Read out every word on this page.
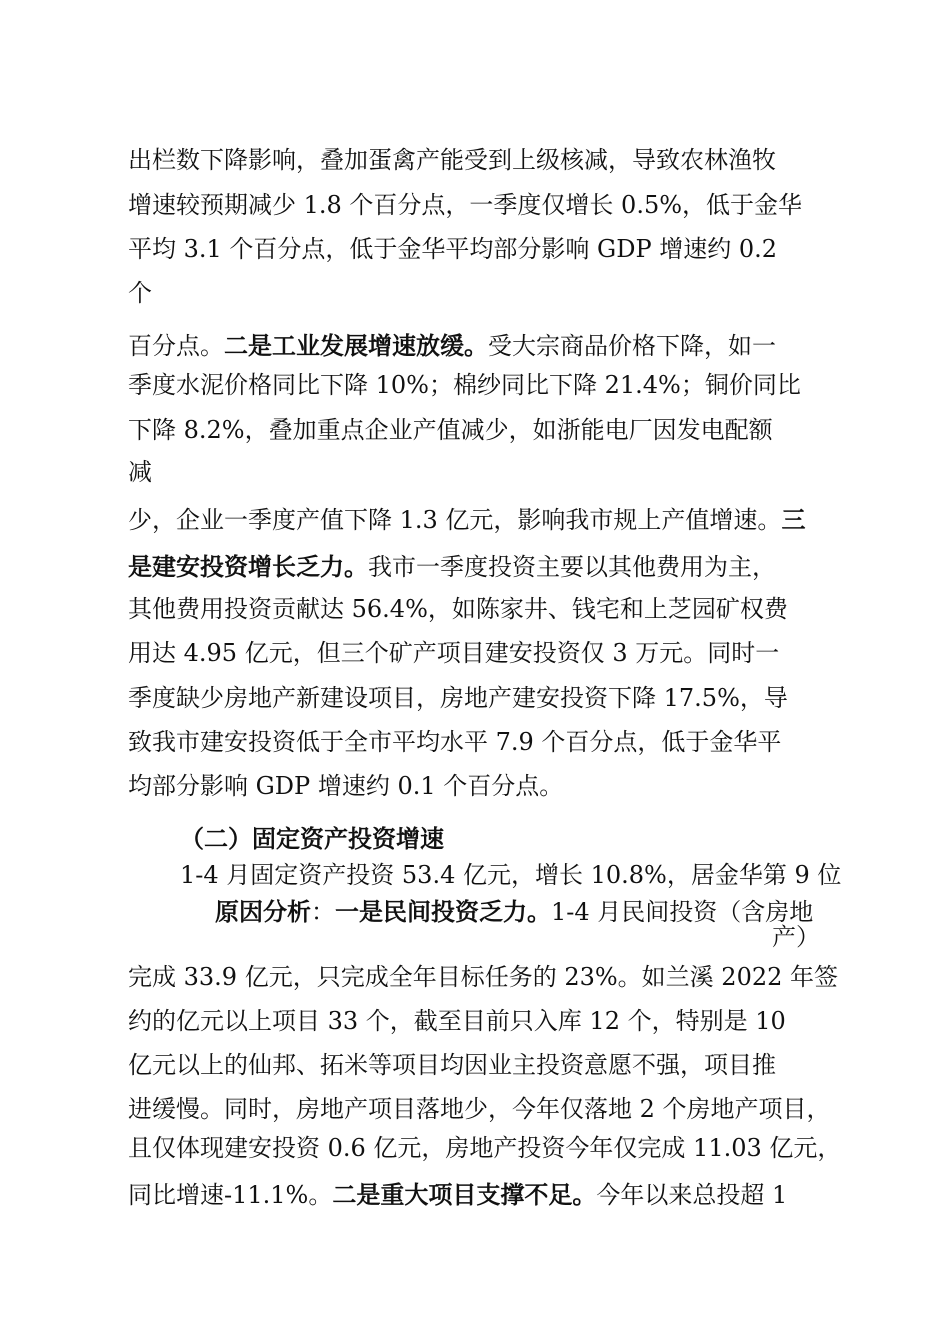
出栏数下降影响，叠加蛋禽产能受到上级核减，导致农林渔牧
增速较预期减少 1.8 个百分点，一季度仅增长 0.5%，低于金华
平均 3.1 个百分点，低于金华平均部分影响 GDP 增速约 0.2
个
百分点。二是工业发展增速放缓。受大宗商品价格下降，如一
季度水泥价格同比下降 10%；棉纱同比下降 21.4%；铜价同比
下降 8.2%，叠加重点企业产值减少，如浙能电厂因发电配额
减
少，企业一季度产值下降 1.3 亿元，影响我市规上产值增速。三
是建安投资增长乏力。我市一季度投资主要以其他费用为主，
其他费用投资贡献达 56.4%，如陈家井、钱宅和上芝园矿权费
用达 4.95 亿元，但三个矿产项目建安投资仅 3 万元。同时一
季度缺少房地产新建设项目，房地产建安投资下降 17.5%，导
致我市建安投资低于全市平均水平 7.9 个百分点，低于金华平
均部分影响 GDP 增速约 0.1 个百分点。
（二）固定资产投资增速
1-4 月固定资产投资 53.4 亿元，增长 10.8%，居金华第 9 位
原因分析：一是民间投资乏力。1-4 月民间投资（含房地
产）
完成 33.9 亿元，只完成全年目标任务的 23%。如兰溪 2022 年签
约的亿元以上项目 33 个，截至目前只入库 12 个，特别是 10
亿元以上的仙邦、拓米等项目均因业主投资意愿不强，项目推
进缓慢。同时，房地产项目落地少，今年仅落地 2 个房地产项目，
且仅体现建安投资 0.6 亿元，房地产投资今年仅完成 11.03 亿元，
同比增速-11.1%。二是重大项目支撑不足。今年以来总投超 1
